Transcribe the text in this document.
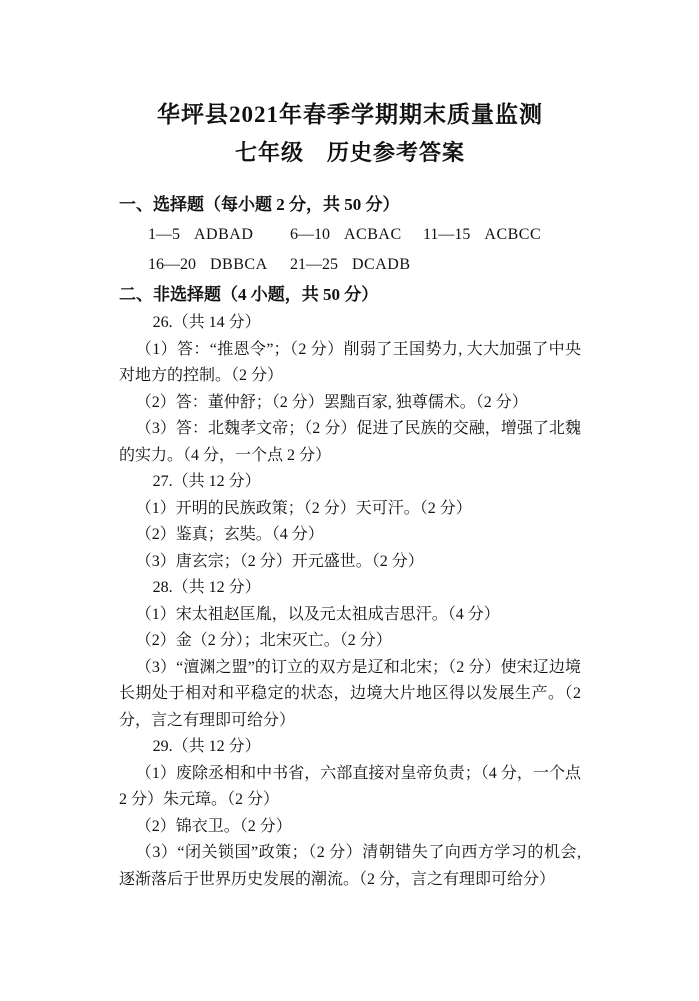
华坪县2021年春季学期期末质量监测
七年级　历史参考答案
一、选择题（每小题 2 分，共 50 分）
1—5 ADBAD	6—10 ACBAC	11—15 ACBCC
16—20 DBBCA	21—25 DCADB
二、非选择题（4 小题，共 50 分）

26.（共 14 分）

（1）答：“推恩令”；（2 分）削弱了王国势力, 大大加强了中央对地方的控制。（2 分）

（2）答：董仲舒；（2 分）罢黜百家, 独尊儒术。（2 分）

（3）答：北魏孝文帝；（2 分）促进了民族的交融，增强了北魏的实力。（4 分，一个点 2 分）

27.（共 12 分）

（1）开明的民族政策；（2 分）天可汗。（2 分）

（2）鉴真；玄奘。（4 分）

（3）唐玄宗；（2 分）开元盛世。（2 分）

28.（共 12 分）

（1）宋太祖赵匡胤，以及元太祖成吉思汗。（4 分）

（2）金（2 分）；北宋灭亡。（2 分）

（3）“澶渊之盟”的订立的双方是辽和北宋；（2 分）使宋辽边境长期处于相对和平稳定的状态，边境大片地区得以发展生产。（2 分，言之有理即可给分）

29.（共 12 分）

（1）废除丞相和中书省，六部直接对皇帝负责；（4 分，一个点 2 分）朱元璋。（2 分）

（2）锦衣卫。（2 分）

（3）“闭关锁国”政策；（2 分）清朝错失了向西方学习的机会, 逐渐落后于世界历史发展的潮流。（2 分，言之有理即可给分）
